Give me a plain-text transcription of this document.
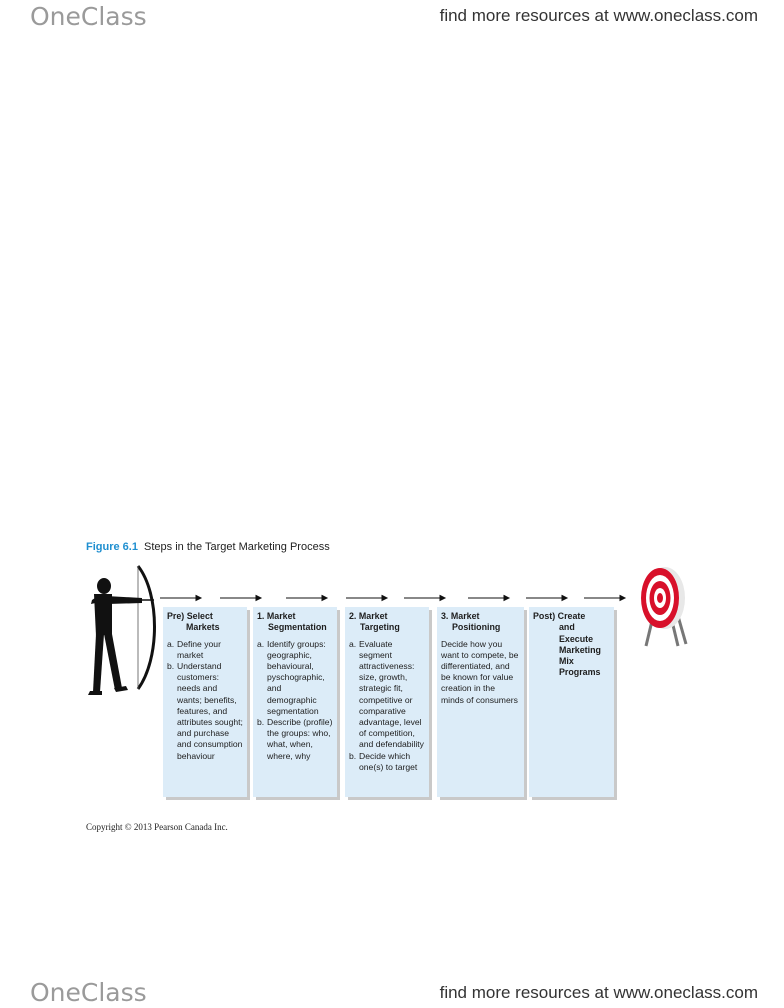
OneClass	find more resources at www.oneclass.com
Figure 6.1 Steps in the Target Marketing Process
Pre) Select
Markets
a. Define your market
b. Understand customers: needs and wants; benefits, features, and attributes sought; and purchase and consumption behaviour
1. Market
Segmentation
a. Identify groups: geographic, behavioural, pyschographic, and demographic segmentation
b. Describe (profile) the groups: who, what, when, where, why
2. Market
Targeting
a. Evaluate segment attractiveness: size, growth, strategic fit, competitive or comparative advantage, level of competition, and defendability
b. Decide which one(s) to target
3. Market
Positioning
Decide how you want to compete, be differentiated, and be known for value creation in the minds of consumers
Post) Create
and
Execute
Marketing
Mix
Programs
Copyright © 2013 Pearson Canada Inc.
OneClass	find more resources at www.oneclass.com
